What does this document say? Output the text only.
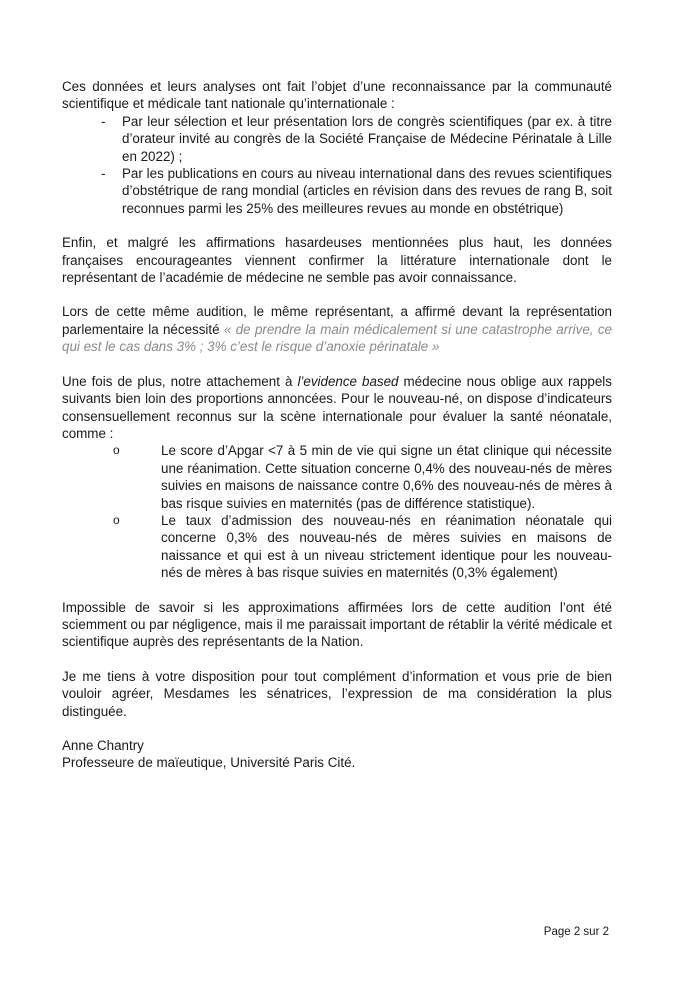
Ces données et leurs analyses ont fait l’objet d’une reconnaissance par la communauté scientifique et médicale tant nationale qu’internationale :

- Par leur sélection et leur présentation lors de congrès scientifiques (par ex. à titre d’orateur invité au congrès de la Société Française de Médecine Périnatale à Lille en 2022) ;
- Par les publications en cours au niveau international dans des revues scientifiques d’obstétrique de rang mondial (articles en révision dans des revues de rang B, soit reconnues parmi les 25% des meilleures revues au monde en obstétrique)

Enfin, et malgré les affirmations hasardeuses mentionnées plus haut, les données françaises encourageantes viennent confirmer la littérature internationale dont le représentant de l’académie de médecine ne semble pas avoir connaissance.

Lors de cette même audition, le même représentant, a affirmé devant la représentation parlementaire la nécessité « de prendre la main médicalement si une catastrophe arrive, ce qui est le cas dans 3% ; 3% c’est le risque d’anoxie périnatale »

Une fois de plus, notre attachement à l’evidence based médecine nous oblige aux rappels suivants bien loin des proportions annoncées. Pour le nouveau-né, on dispose d’indicateurs consensuellement reconnus sur la scène internationale pour évaluer la santé néonatale, comme :

o	Le score d’Apgar <7 à 5 min de vie qui signe un état clinique qui nécessite une réanimation. Cette situation concerne 0,4% des nouveau-nés de mères suivies en maisons de naissance contre 0,6% des nouveau-nés de mères à bas risque suivies en maternités (pas de différence statistique).
o	Le taux d’admission des nouveau-nés en réanimation néonatale qui concerne 0,3% des nouveau-nés de mères suivies en maisons de naissance et qui est à un niveau strictement identique pour les nouveau-nés de mères à bas risque suivies en maternités (0,3% également)

Impossible de savoir si les approximations affirmées lors de cette audition l’ont été sciemment ou par négligence, mais il me paraissait important de rétablir la vérité médicale et scientifique auprès des représentants de la Nation.

Je me tiens à votre disposition pour tout complément d’information et vous prie de bien vouloir agréer, Mesdames les sénatrices, l’expression de ma considération la plus distinguée.

Anne Chantry
Professeure de maïeutique, Université Paris Cité.
Page 2 sur 2
